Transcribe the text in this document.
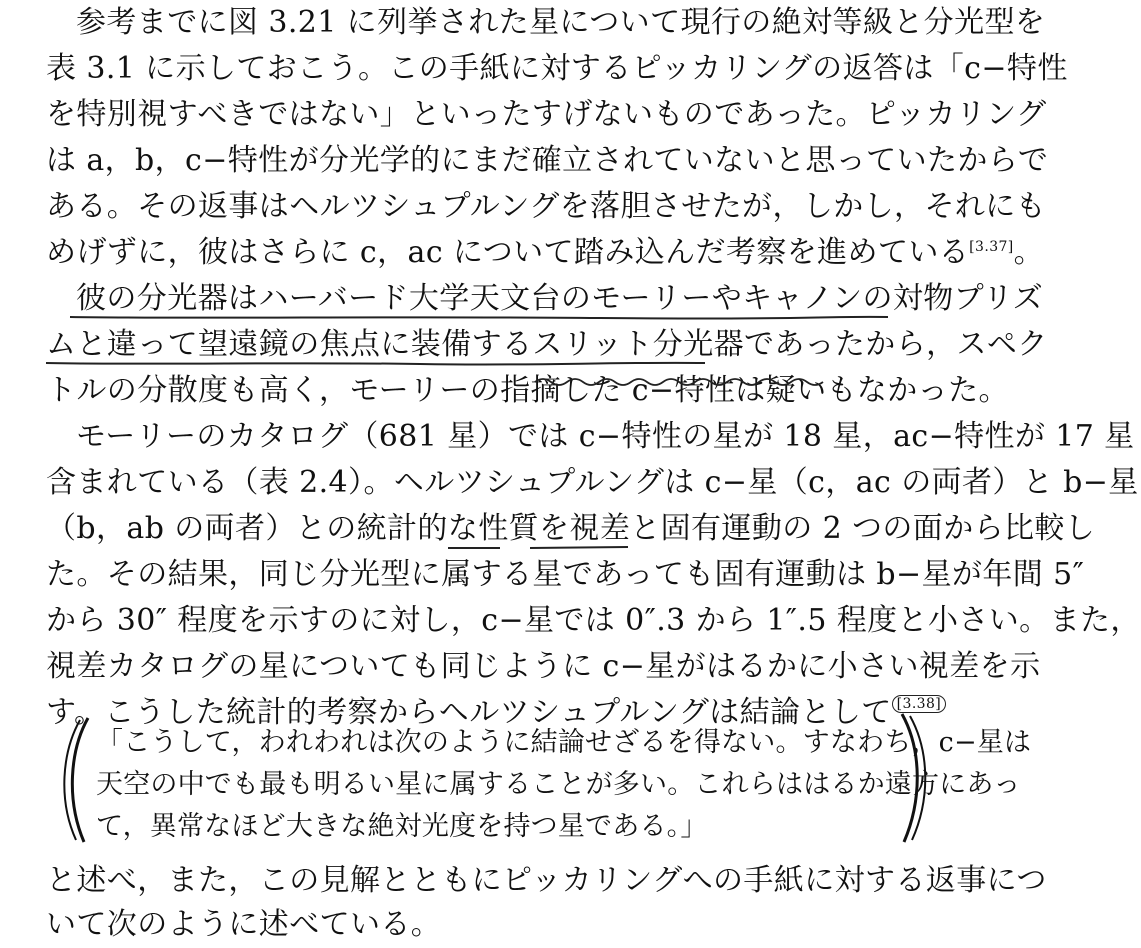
参考までに図 3.21 に列挙された星について現行の絶対等級と分光型を
表 3.1 に示しておこう。この手紙に対するピッカリングの返答は「c−特性
を特別視すべきではない」といったすげないものであった。ピッカリング
は a，b，c−特性が分光学的にまだ確立されていないと思っていたからで
ある。その返事はヘルツシュプルングを落胆させたが，しかし，それにも
めげずに，彼はさらに c，ac について踏み込んだ考察を進めている[3.37]。
彼の分光器はハーバード大学天文台のモーリーやキャノンの対物プリズ
ムと違って望遠鏡の焦点に装備するスリット分光器であったから，スペク
トルの分散度も高く，モーリーの指摘した c−特性は疑いもなかった。
モーリーのカタログ（681 星）では c−特性の星が 18 星，ac−特性が 17 星
含まれている（表 2.4）。ヘルツシュプルングは c−星（c，ac の両者）と b−星
（b，ab の両者）との統計的な性質を視差と固有運動の 2 つの面から比較し
た。その結果，同じ分光型に属する星であっても固有運動は b−星が年間 5″
から 30″ 程度を示すのに対し，c−星では 0″.3 から 1″.5 程度と小さい。また，
視差カタログの星についても同じように c−星がはるかに小さい視差を示
す。こうした統計的考察からヘルツシュプルングは結論として [3.38]
「こうして，われわれは次のように結論せざるを得ない。すなわち，c−星は
天空の中でも最も明るい星に属することが多い。これらははるか遠方にあっ
て，異常なほど大きな絶対光度を持つ星である。」
と述べ，また，この見解とともにピッカリングへの手紙に対する返事につ
いて次のように述べている。
